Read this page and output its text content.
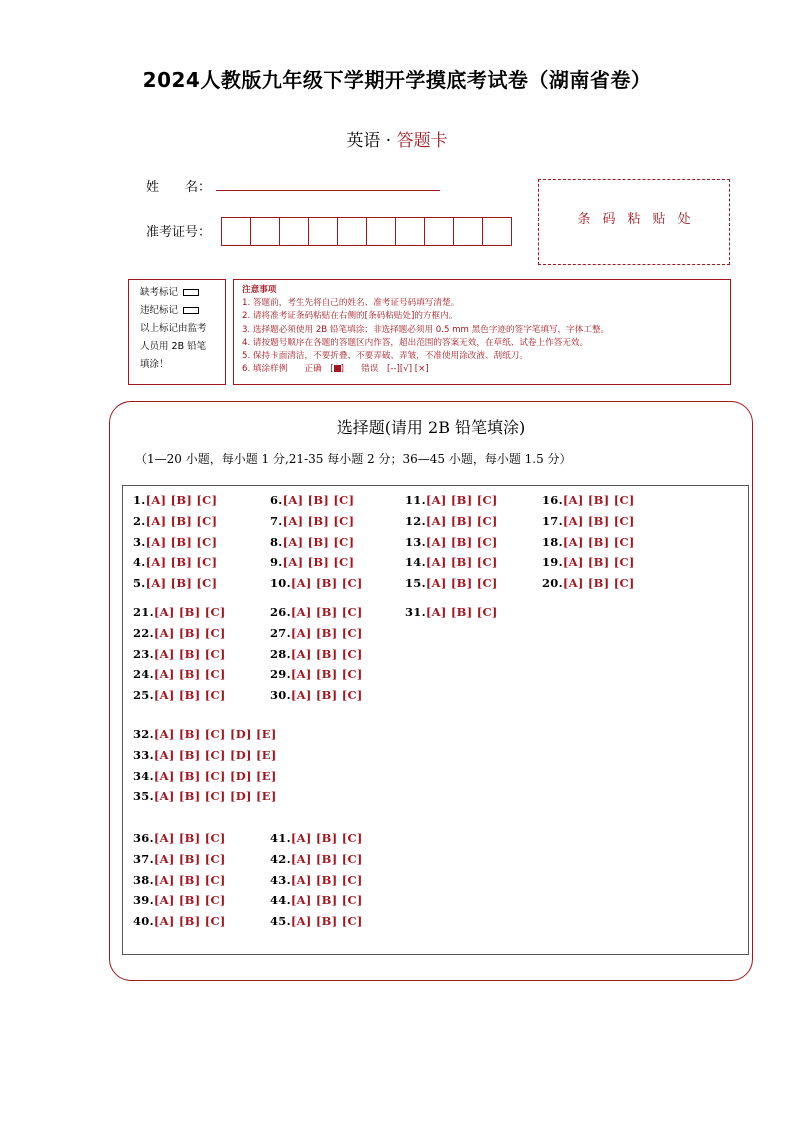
2024人教版九年级下学期开学摸底考试卷（湖南省卷）
英语 · 答题卡
姓　　名：
准考证号：
条码粘贴处
缺考标记
违纪标记
以上标记由监考
人员用 2B 铅笔
填涂！
注意事项
1. 答题前，考生先将自己的姓名、准考证号码填写清楚。
2. 请将准考证条码粘贴在右侧的[条码粘贴处]的方框内。
3. 选择题必须使用 2B 铅笔填涂；非选择题必须用 0.5 mm 黑色字迹的签字笔填写，字体工整。
4. 请按题号顺序在各题的答题区内作答，超出范围的答案无效，在草纸、试卷上作答无效。
5. 保持卡面清洁，不要折叠、不要弄破、弄皱，不准使用涂改液、刮纸刀。
6. 填涂样例　　正确　[ ]　　错误　[--][√] [×]
选择题(请用 2B 铅笔填涂)
（1—20 小题，每小题 1 分,21-35 每小题 2 分；36—45 小题，每小题 1.5 分）
1.[A] [B] [C]
2.[A] [B] [C]
3.[A] [B] [C]
4.[A] [B] [C]
5.[A] [B] [C]
6.[A] [B] [C]
7.[A] [B] [C]
8.[A] [B] [C]
9.[A] [B] [C]
10.[A] [B] [C]
11.[A] [B] [C]
12.[A] [B] [C]
13.[A] [B] [C]
14.[A] [B] [C]
15.[A] [B] [C]
16.[A] [B] [C]
17.[A] [B] [C]
18.[A] [B] [C]
19.[A] [B] [C]
20.[A] [B] [C]
21.[A] [B] [C]
22.[A] [B] [C]
23.[A] [B] [C]
24.[A] [B] [C]
25.[A] [B] [C]
26.[A] [B] [C]
27.[A] [B] [C]
28.[A] [B] [C]
29.[A] [B] [C]
30.[A] [B] [C]
31.[A] [B] [C]
32.[A] [B] [C] [D] [E]
33.[A] [B] [C] [D] [E]
34.[A] [B] [C] [D] [E]
35.[A] [B] [C] [D] [E]
36.[A] [B] [C]
37.[A] [B] [C]
38.[A] [B] [C]
39.[A] [B] [C]
40.[A] [B] [C]
41.[A] [B] [C]
42.[A] [B] [C]
43.[A] [B] [C]
44.[A] [B] [C]
45.[A] [B] [C]
